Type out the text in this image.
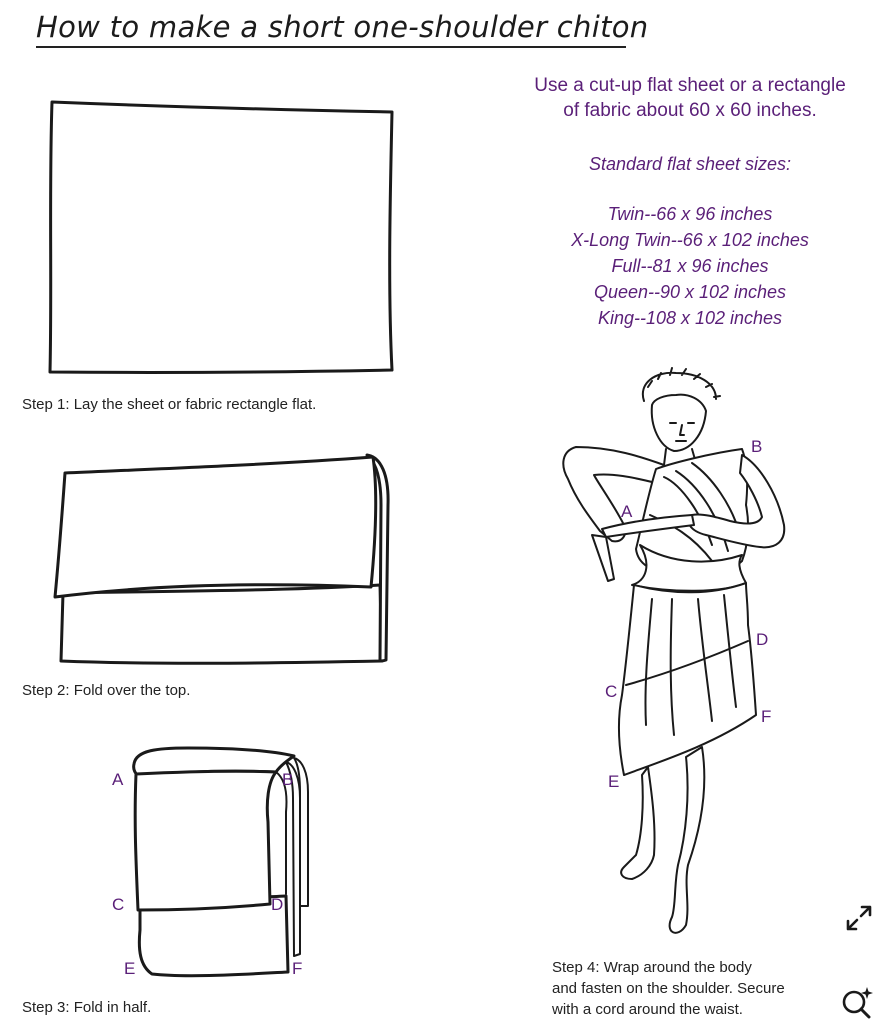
How to make a short one-shoulder chiton
Use a cut-up flat sheet or a rectangle
of fabric about 60 x 60 inches.
Standard flat sheet sizes:
Twin--66 x 96 inches
X-Long Twin--66 x 102 inches
Full--81 x 96 inches
Queen--90 x 102 inches
King--108 x 102 inches
Step 1: Lay the sheet or fabric rectangle flat.
Step 2: Fold over the top.
A	B
C	D
E	F
Step 3: Fold in half.
B
A
D
C
F
E
Step 4: Wrap around the body
and fasten on the shoulder. Secure
with a cord around the waist.
